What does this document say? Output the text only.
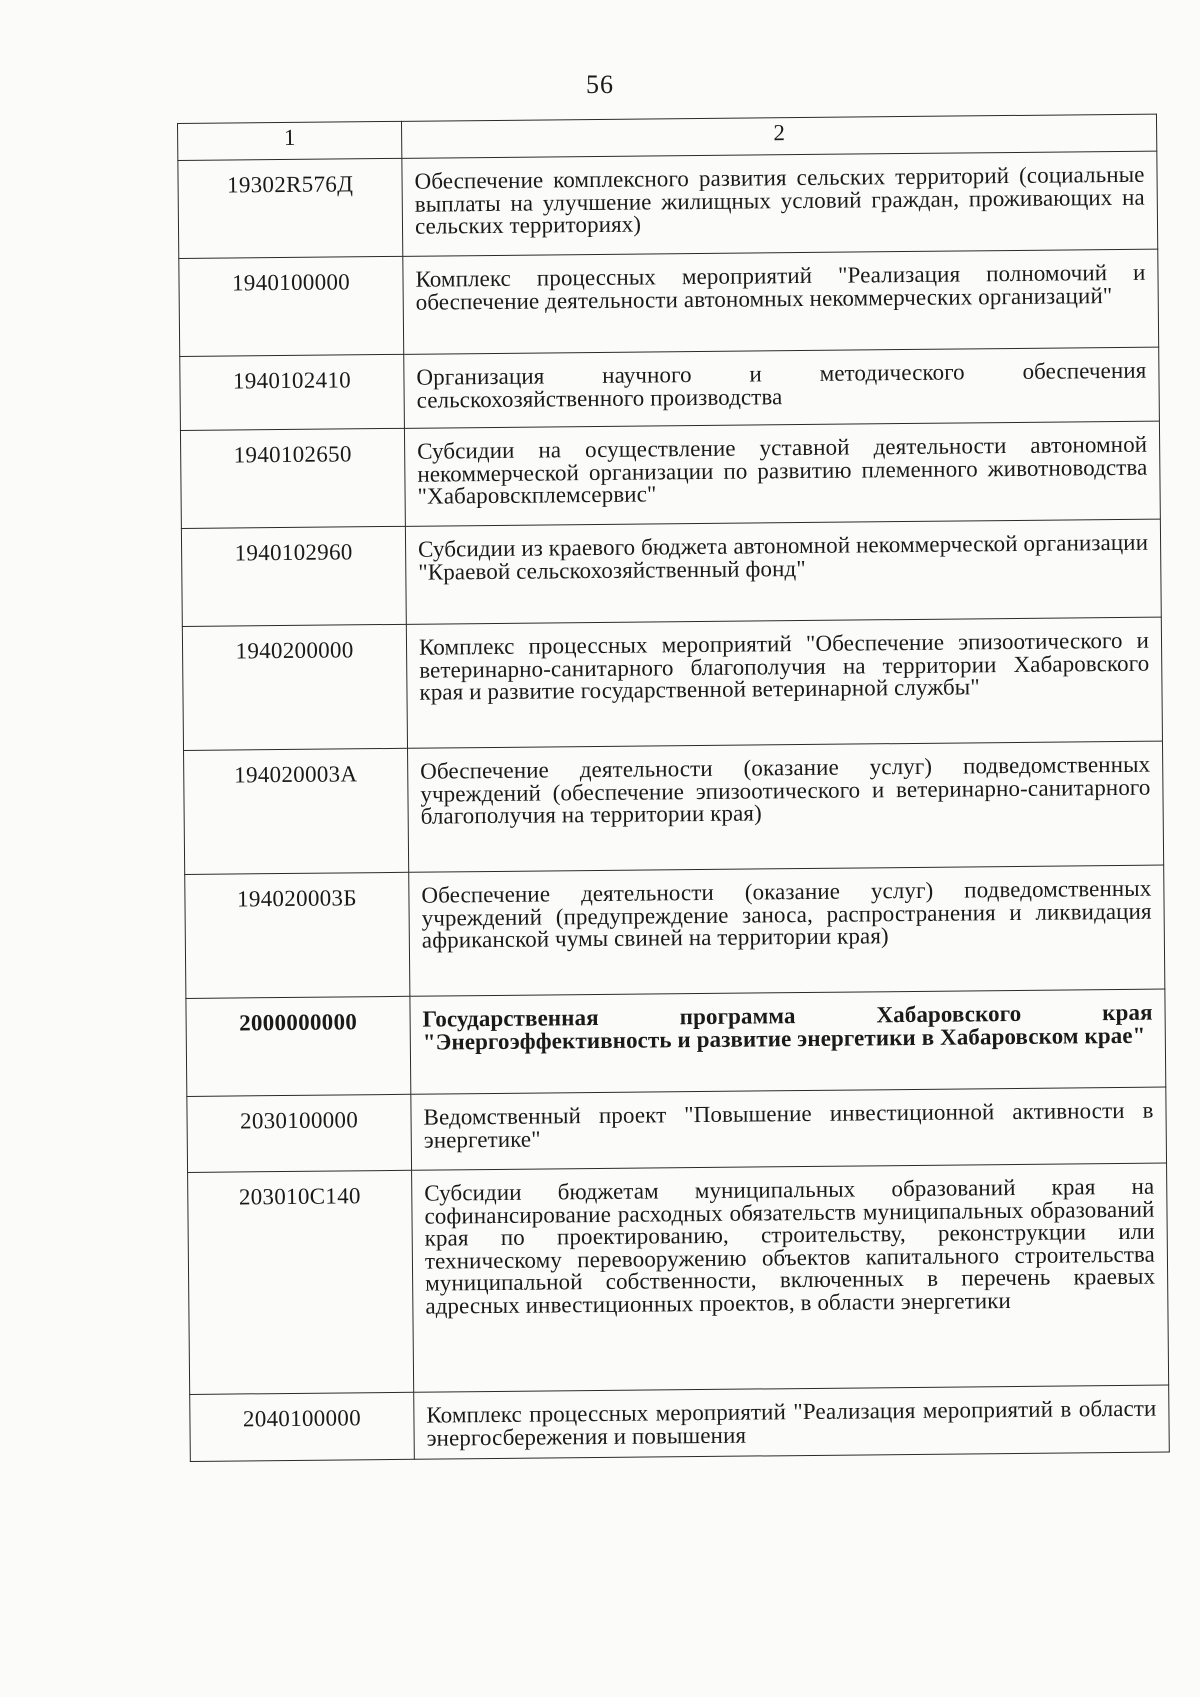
56
1	2
19302R576Д	Обеспечение комплексного развития сельских территорий (социальные выплаты на улучшение жилищных условий граждан, проживающих на сельских территориях)
1940100000	Комплекс процессных мероприятий "Реализация полномочий и обеспечение деятельности автономных некоммерческих организаций"
1940102410	Организация научного и методического обеспечения сельскохозяйственного производства
1940102650	Субсидии на осуществление уставной деятельности автономной некоммерческой организации по развитию племенного животноводства "Хабаровскплемсервис"
1940102960	Субсидии из краевого бюджета автономной некоммерческой организации "Краевой сельскохозяйственный фонд"
1940200000	Комплекс процессных мероприятий "Обеспечение эпизоотического и ветеринарно-санитарного благополучия на территории Хабаровского края и развитие государственной ветеринарной службы"
194020003А	Обеспечение деятельности (оказание услуг) подведомственных учреждений (обеспечение эпизоотического и ветеринарно-санитарного благополучия на территории края)
194020003Б	Обеспечение деятельности (оказание услуг) подведомственных учреждений (предупреждение заноса, распространения и ликвидация африканской чумы свиней на территории края)
2000000000	Государственная программа Хабаровского края "Энергоэффективность и развитие энергетики в Хабаровском крае"
2030100000	Ведомственный проект "Повышение инвестиционной активности в энергетике"
203010С140	Субсидии бюджетам муниципальных образований края на софинансирование расходных обязательств муниципальных образований края по проектированию, строительству, реконструкции или техническому перевооружению объектов капитального строительства муниципальной собственности, включенных в перечень краевых адресных инвестиционных проектов, в области энергетики
2040100000	Комплекс процессных мероприятий "Реализация мероприятий в области энергосбережения и повышения
